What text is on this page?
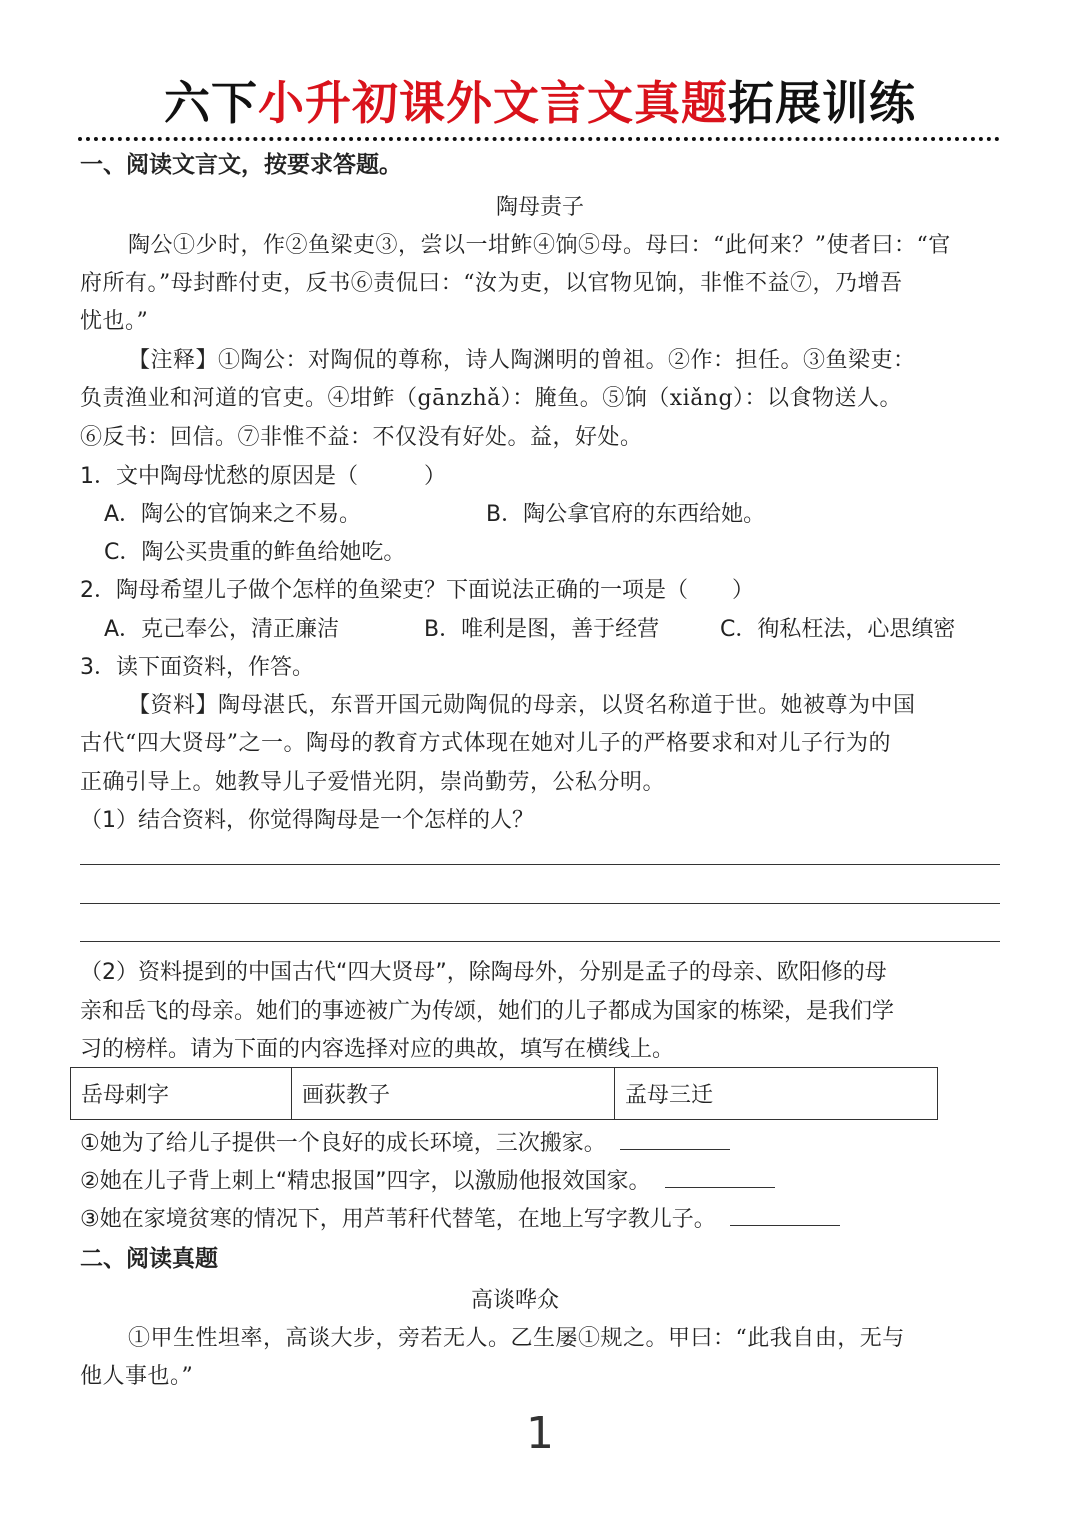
六下小升初课外文言文真题拓展训练
一、阅读文言文，按要求答题。
陶母责子
陶公①少时，作②鱼梁吏③，尝以一坩鲊④饷⑤母。母曰：“此何来？”使者曰：“官
府所有。”母封酢付吏，反书⑥责侃曰：“汝为吏，以官物见饷，非惟不益⑦，乃增吾
忧也。”
【注释】①陶公：对陶侃的尊称，诗人陶渊明的曾祖。②作：担任。③鱼梁吏：
负责渔业和河道的官吏。④坩鲊（gānzhǎ）：腌鱼。⑤饷（xiǎng）：以食物送人。
⑥反书：回信。⑦非惟不益：不仅没有好处。益，好处。
1．文中陶母忧愁的原因是（　　　）
A．陶公的官饷来之不易。	B．陶公拿官府的东西给她。
C．陶公买贵重的鲊鱼给她吃。
2．陶母希望儿子做个怎样的鱼梁吏？下面说法正确的一项是（　　）
A．克己奉公，清正廉洁	B．唯利是图，善于经营	C．徇私枉法，心思缜密
3．读下面资料，作答。
【资料】陶母湛氏，东晋开国元勋陶侃的母亲，以贤名称道于世。她被尊为中国
古代“四大贤母”之一。陶母的教育方式体现在她对儿子的严格要求和对儿子行为的
正确引导上。她教导儿子爱惜光阴，崇尚勤劳，公私分明。
（1）结合资料，你觉得陶母是一个怎样的人？
（2）资料提到的中国古代“四大贤母”，除陶母外，分别是孟子的母亲、欧阳修的母
亲和岳飞的母亲。她们的事迹被广为传颂，她们的儿子都成为国家的栋梁，是我们学
习的榜样。请为下面的内容选择对应的典故，填写在横线上。
岳母刺字	画荻教子	孟母三迁
①她为了给儿子提供一个良好的成长环境，三次搬家。
②她在儿子背上刺上“精忠报国”四字，以激励他报效国家。
③她在家境贫寒的情况下，用芦苇秆代替笔，在地上写字教儿子。
二、阅读真题
高谈哗众
①甲生性坦率，高谈大步，旁若无人。乙生屡①规之。甲曰：“此我自由，无与
他人事也。”
1
